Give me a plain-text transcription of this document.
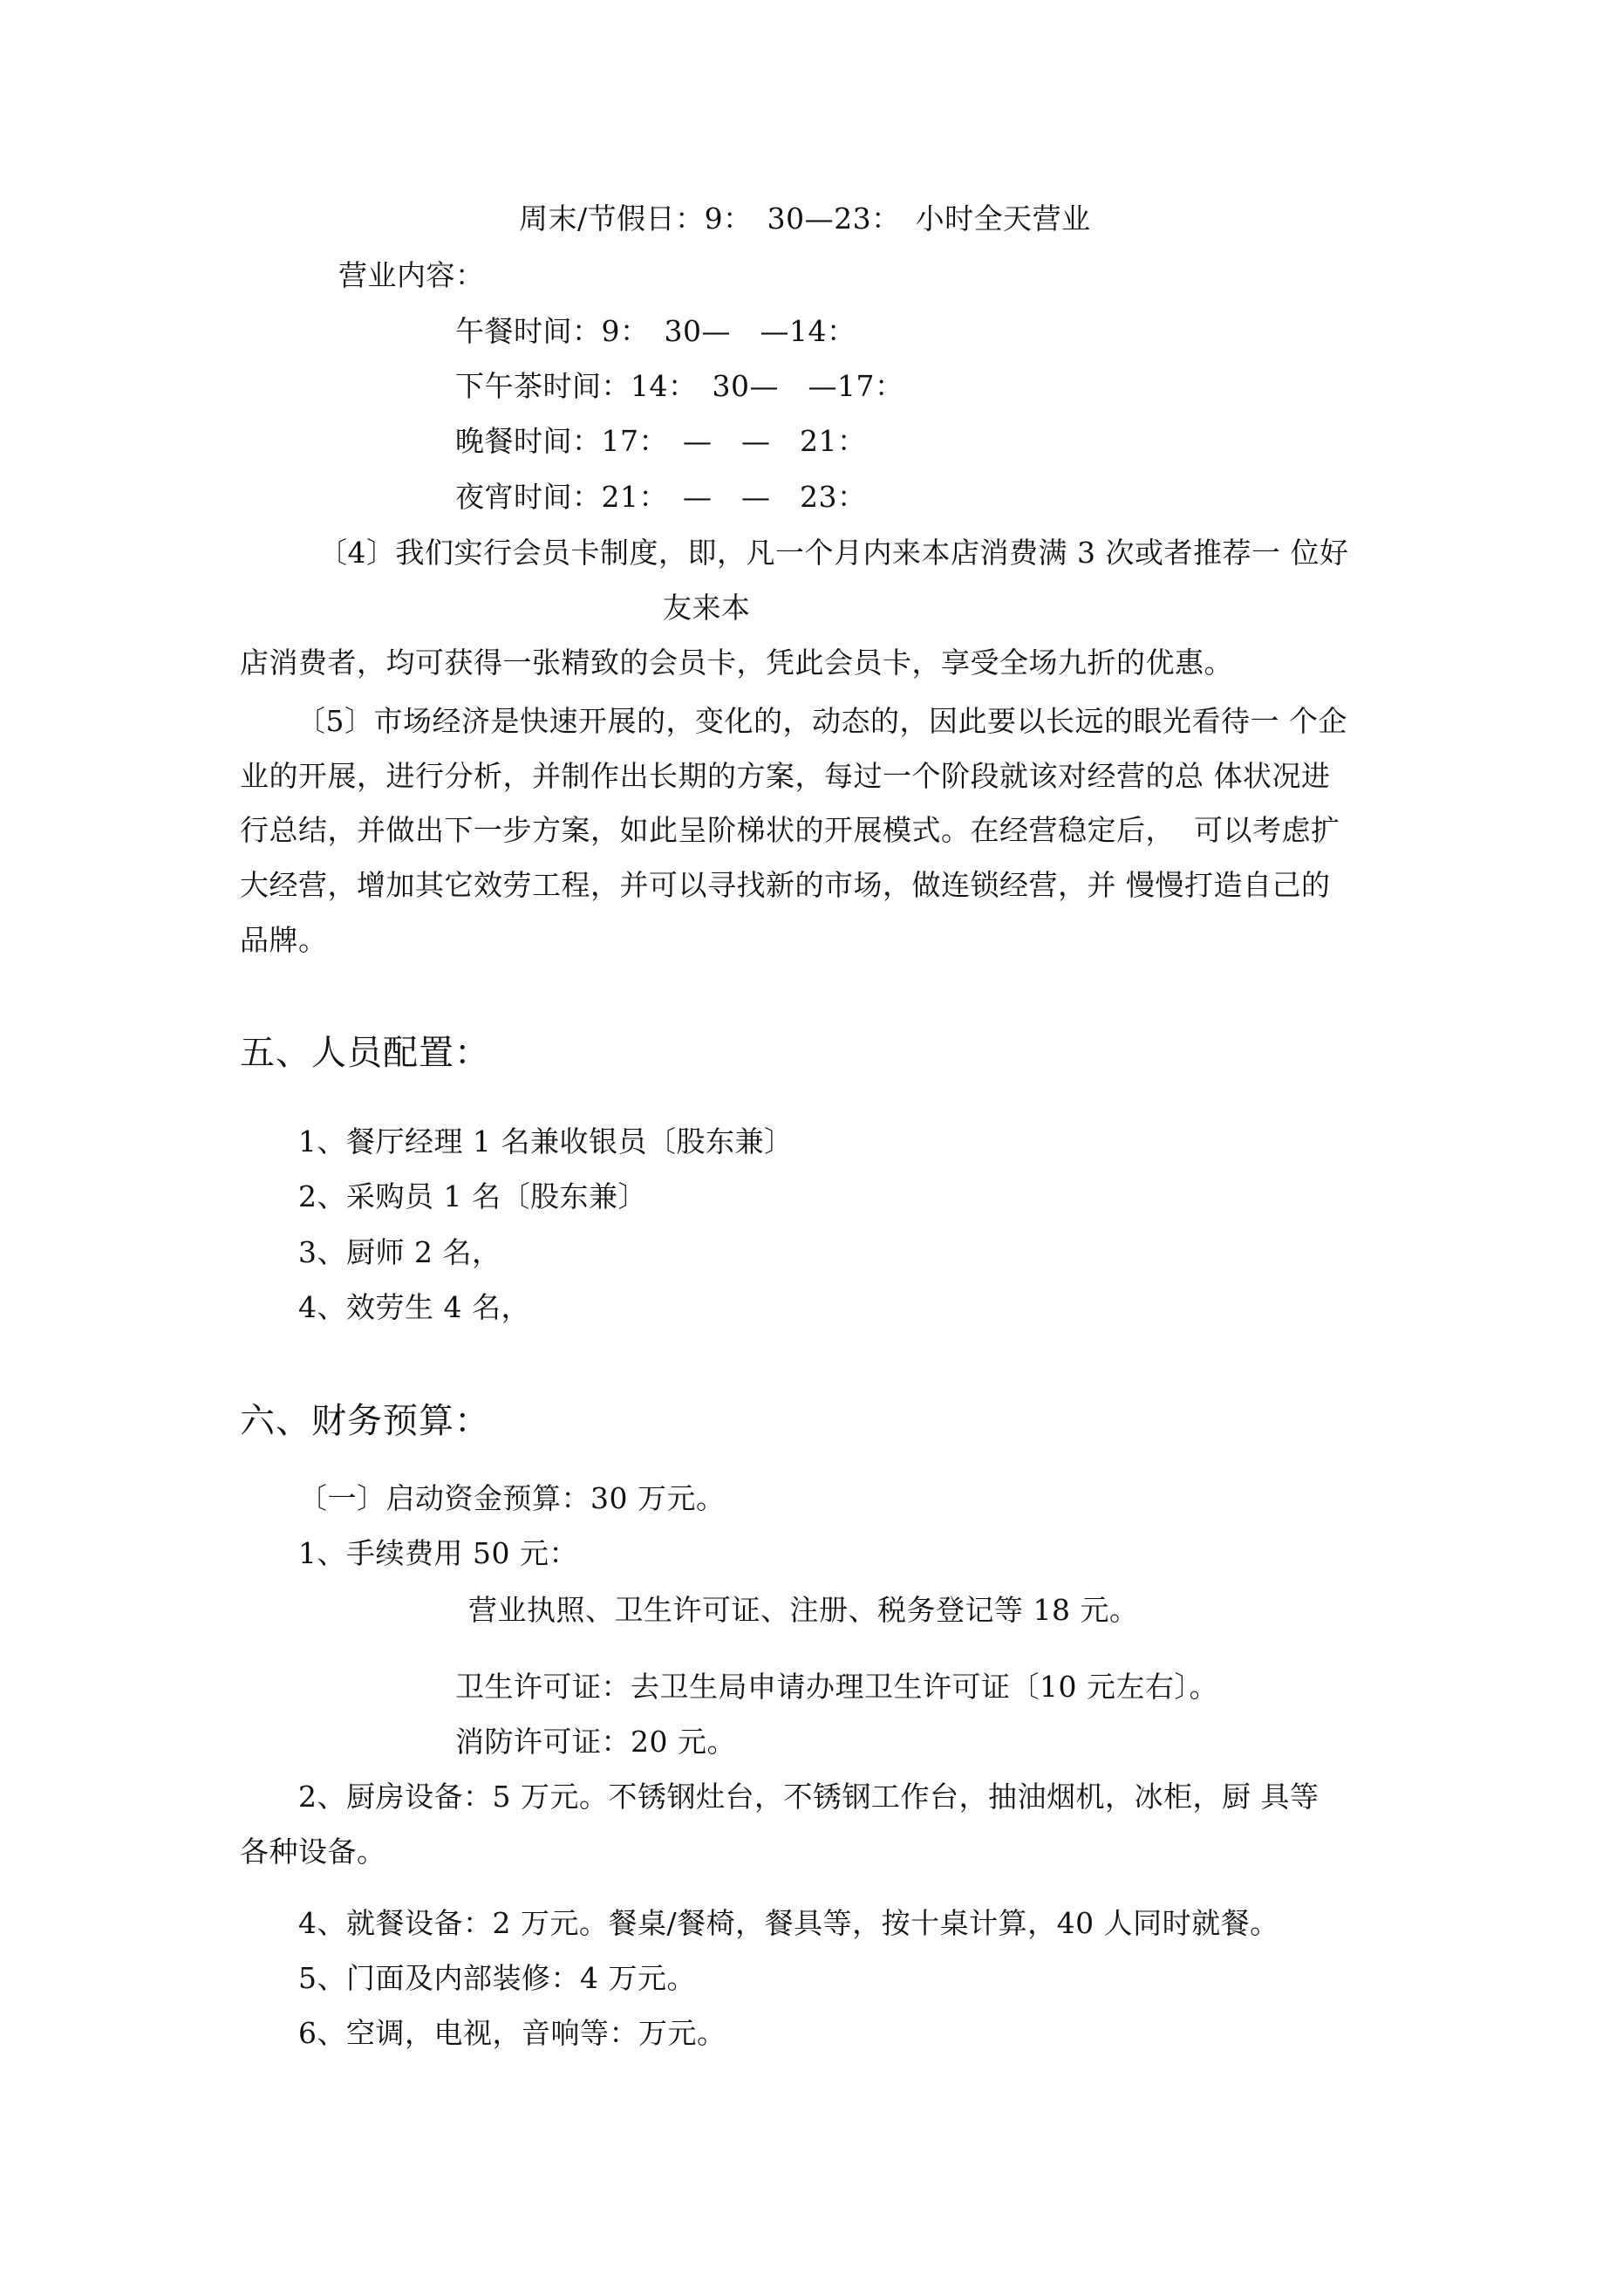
周末/节假日：9：　30—23：　小时全天营业
营业内容：
午餐时间：9：　30—　—14：
下午茶时间：14：　30—　—17：
晚餐时间：17：　—　—　21：
夜宵时间：21：　—　—　23：
〔4〕我们实行会员卡制度，即，凡一个月内来本店消费满 3 次或者推荐一 位好
友来本
店消费者，均可获得一张精致的会员卡，凭此会员卡，享受全场九折的优惠。
〔5〕市场经济是快速开展的，变化的，动态的，因此要以长远的眼光看待一 个企
业的开展，进行分析，并制作出长期的方案，每过一个阶段就该对经营的总 体状况进
行总结，并做出下一步方案，如此呈阶梯状的开展模式。在经营稳定后，  可以考虑扩
大经营，增加其它效劳工程，并可以寻找新的市场，做连锁经营，并 慢慢打造自己的
品牌。
五、人员配置：
1、餐厅经理 1 名兼收银员〔股东兼〕
2、采购员 1 名〔股东兼〕
3、厨师 2 名，
4、效劳生 4 名，
六、财务预算：
〔一〕启动资金预算：30 万元。
1、手续费用 50 元：
营业执照、卫生许可证、注册、税务登记等 18 元。
卫生许可证：去卫生局申请办理卫生许可证〔10 元左右〕。
消防许可证：20 元。
2、厨房设备：5 万元。不锈钢灶台，不锈钢工作台，抽油烟机，冰柜，厨 具等
各种设备。
4、就餐设备：2 万元。餐桌/餐椅，餐具等，按十桌计算，40 人同时就餐。
5、门面及内部装修：4 万元。
6、空调，电视，音响等：万元。
